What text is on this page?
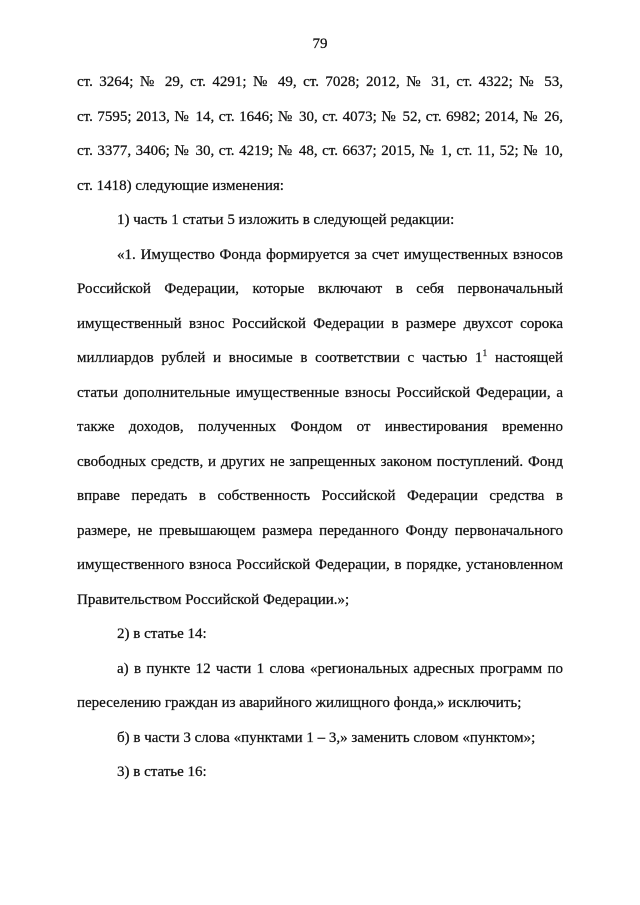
79
ст. 3264; № 29, ст. 4291; № 49, ст. 7028; 2012, № 31, ст. 4322; № 53,
ст. 7595; 2013, № 14, ст. 1646; № 30, ст. 4073; № 52, ст. 6982; 2014, № 26,
ст. 3377, 3406; № 30, ст. 4219; № 48, ст. 6637; 2015, № 1, ст. 11, 52; № 10,
ст. 1418) следующие изменения:
1) часть 1 статьи 5 изложить в следующей редакции:
«1. Имущество Фонда формируется за счет имущественных взносов
Российской Федерации, которые включают в себя первоначальный
имущественный взнос Российской Федерации в размере двухсот сорока
миллиардов рублей и вносимые в соответствии с частью $1^1$ настоящей
статьи дополнительные имущественные взносы Российской Федерации, а
также доходов, полученных Фондом от инвестирования временно
свободных средств, и других не запрещенных законом поступлений. Фонд
вправе передать в собственность Российской Федерации средства в
размере, не превышающем размера переданного Фонду первоначального
имущественного взноса Российской Федерации, в порядке, установленном
Правительством Российской Федерации.»;
2) в статье 14:
а) в пункте 12 части 1 слова «региональных адресных программ по
переселению граждан из аварийного жилищного фонда,» исключить;
б) в части 3 слова «пунктами 1 – 3,» заменить словом «пунктом»;
3) в статье 16:
